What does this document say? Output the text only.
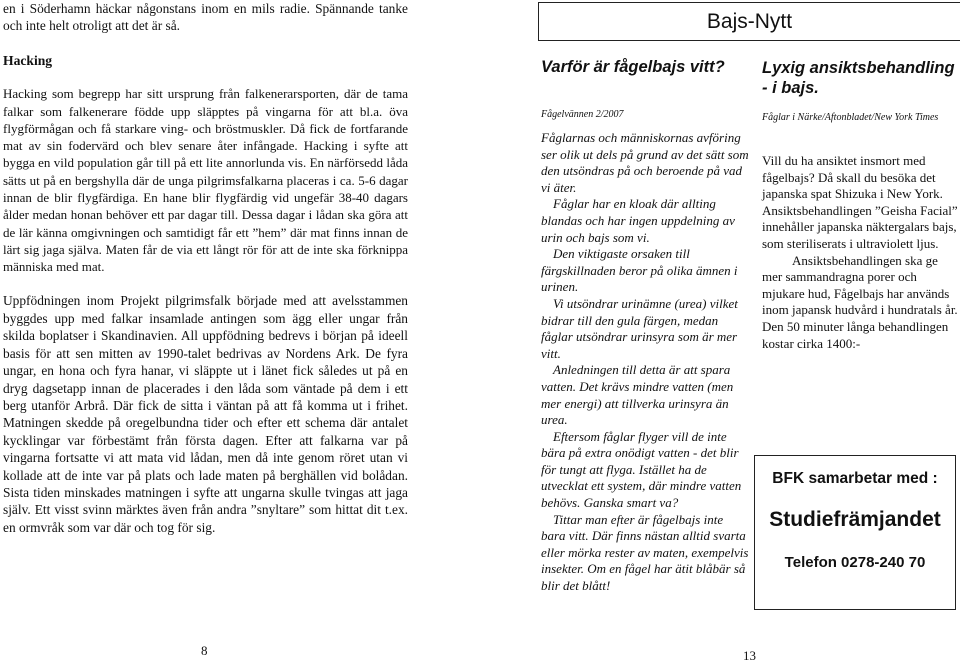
en i Söderhamn häckar någonstans inom en mils radie. Spännande tanke och inte helt otroligt att det är så.

Hacking

Hacking som begrepp har sitt ursprung från falkenerarsporten, där de tama falkar som falkenerare födde upp släpptes på vingarna för att bl.a. öva flygförmågan och få starkare ving- och bröstmuskler. Då fick de fortfarande mat av sin fodervärd och blev senare åter infångade. Hacking i syfte att bygga en vild population går till på ett lite annorlunda vis. En närförsedd låda sätts ut på en bergshylla där de unga pilgrimsfalkarna placeras i ca. 5-6 dagar innan de blir flygfärdiga. En hane blir flygfärdig vid ungefär 38-40 dagars ålder medan honan behöver ett par dagar till. Dessa dagar i lådan ska göra att de lär känna omgivningen och samtidigt får ett ”hem” där mat finns innan de lärt sig jaga själva. Maten får de via ett långt rör för att de inte ska förknippa människa med mat.

Uppfödningen inom Projekt pilgrimsfalk började med att avelsstammen byggdes upp med falkar insamlade antingen som ägg eller ungar från skilda boplatser i Skandinavien. All uppfödning bedrevs i början på ideell basis för att sen mitten av 1990-talet bedrivas av Nordens Ark. De fyra ungar, en hona och fyra hanar, vi släppte ut i länet fick således ut på en dryg dagsetapp innan de placerades i den låda som väntade på dem i ett berg utanför Arbrå. Där fick de sitta i väntan på att få komma ut i frihet. Matningen skedde på oregelbundna tider och efter ett schema där antalet kycklingar var förbestämt från första dagen. Efter att falkarna var på vingarna fortsatte vi att mata vid lådan, men då inte genom röret utan vi kollade att de inte var på plats och lade maten på berghällen vid bolådan. Sista tiden minskades matningen i syfte att ungarna skulle tvingas att jaga själv. Ett visst svinn märktes även från andra ”snyltare” som hittat dit t.ex. en ormvråk som var där och tog för sig.

8
Bajs-Nytt
Varför är fågelbajs vitt?
Fågelvännen 2/2007

Fåglarnas och människornas avföring ser olik ut dels på grund av det sätt som den utsöndras på och beroende på vad vi äter.

Fåglar har en kloak där allting blandas och har ingen uppdelning av urin och bajs som vi.

Den viktigaste orsaken till färgskillnaden beror på olika ämnen i urinen.

Vi utsöndrar urinämne (urea) vilket bidrar till den gula färgen, medan fåglar utsöndrar urinsyra som är mer vitt.

Anledningen till detta är att spara vatten. Det krävs mindre vatten (men mer energi) att tillverka urinsyra än urea.

Eftersom fåglar flyger vill de inte bära på extra onödigt vatten - det blir för tungt att flyga. Istället ha de utvecklat ett system, där mindre vatten behövs. Ganska smart va?

Tittar man efter är fågelbajs inte bara vitt. Där finns nästan alltid svarta eller mörka rester av maten, exempelvis insekter. Om en fågel har ätit blåbär så blir det blått!

13
Lyxig ansiktsbehandling - i bajs.
Fåglar i Närke/Aftonbladet/New York Times

Vill du ha ansiktet insmort med fågelbajs? Då skall du besöka det japanska spat Shizuka i New York. Ansiktsbehandlingen ”Geisha Facial” innehåller japanska näktergalars bajs, som steriliserats i ultraviolett ljus.

Ansiktsbehandlingen ska ge mer sammandragna porer och mjukare hud, Fågelbajs har används inom japansk hudvård i hundratals år. Den 50 minuter långa behandlingen kostar cirka 1400:-

BFK samarbetar med :
Studiefrämjandet
Telefon 0278-240 70
